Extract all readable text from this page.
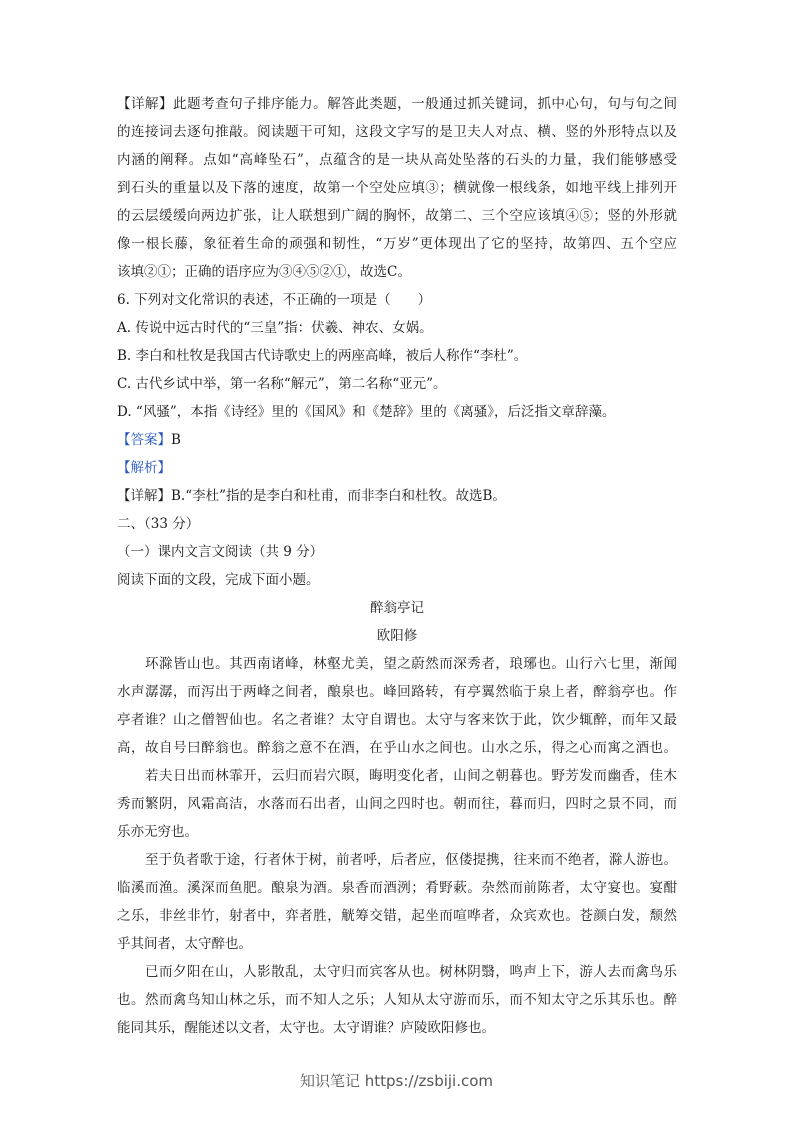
【详解】此题考查句子排序能力。解答此类题，一般通过抓关键词，抓中心句，句与句之间
的连接词去逐句推敲。阅读题干可知，这段文字写的是卫夫人对点、横、竖的外形特点以及
内涵的阐释。点如“高峰坠石”，点蕴含的是一块从高处坠落的石头的力量，我们能够感受
到石头的重量以及下落的速度，故第一个空处应填③；横就像一根线条，如地平线上排列开
的云层缓缓向两边扩张，让人联想到广阔的胸怀，故第二、三个空应该填④⑤；竖的外形就
像一根长藤，象征着生命的顽强和韧性，“万岁”更体现出了它的坚持，故第四、五个空应
该填②①；正确的语序应为③④⑤②①，故选C。
6. 下列对文化常识的表述，不正确的一项是（　　）
A. 传说中远古时代的“三皇”指：伏羲、神农、女娲。
B. 李白和杜牧是我国古代诗歌史上的两座高峰，被后人称作“李杜”。
C. 古代乡试中举，第一名称“解元”，第二名称“亚元”。
D. “风骚”，本指《诗经》里的《国风》和《楚辞》里的《离骚》，后泛指文章辞藻。
【答案】B
【解析】
【详解】B.“李杜”指的是李白和杜甫，而非李白和杜牧。故选B。
二、（33 分）
（一）课内文言文阅读（共 9 分）
阅读下面的文段，完成下面小题。
醉翁亭记
欧阳修
环滁皆山也。其西南诸峰，林壑尤美，望之蔚然而深秀者，琅琊也。山行六七里，渐闻
水声潺潺，而泻出于两峰之间者，酿泉也。峰回路转，有亭翼然临于泉上者，醉翁亭也。作
亭者谁？山之僧智仙也。名之者谁？太守自谓也。太守与客来饮于此，饮少辄醉，而年又最
高，故自号曰醉翁也。醉翁之意不在酒，在乎山水之间也。山水之乐，得之心而寓之酒也。
若夫日出而林霏开，云归而岩穴暝，晦明变化者，山间之朝暮也。野芳发而幽香，佳木
秀而繁阴，风霜高洁，水落而石出者，山间之四时也。朝而往，暮而归，四时之景不同，而
乐亦无穷也。
至于负者歌于途，行者休于树，前者呼，后者应，伛偻提携，往来而不绝者，滁人游也。
临溪而渔。溪深而鱼肥。酿泉为酒。泉香而酒洌；肴野蔌。杂然而前陈者，太守宴也。宴酣
之乐，非丝非竹，射者中，弈者胜，觥筹交错，起坐而喧哗者，众宾欢也。苍颜白发，颓然
乎其间者，太守醉也。
已而夕阳在山，人影散乱，太守归而宾客从也。树林阴翳，鸣声上下，游人去而禽鸟乐
也。然而禽鸟知山林之乐，而不知人之乐；人知从太守游而乐，而不知太守之乐其乐也。醉
能同其乐，醒能述以文者，太守也。太守谓谁？庐陵欧阳修也。
知识笔记 https://zsbiji.com
